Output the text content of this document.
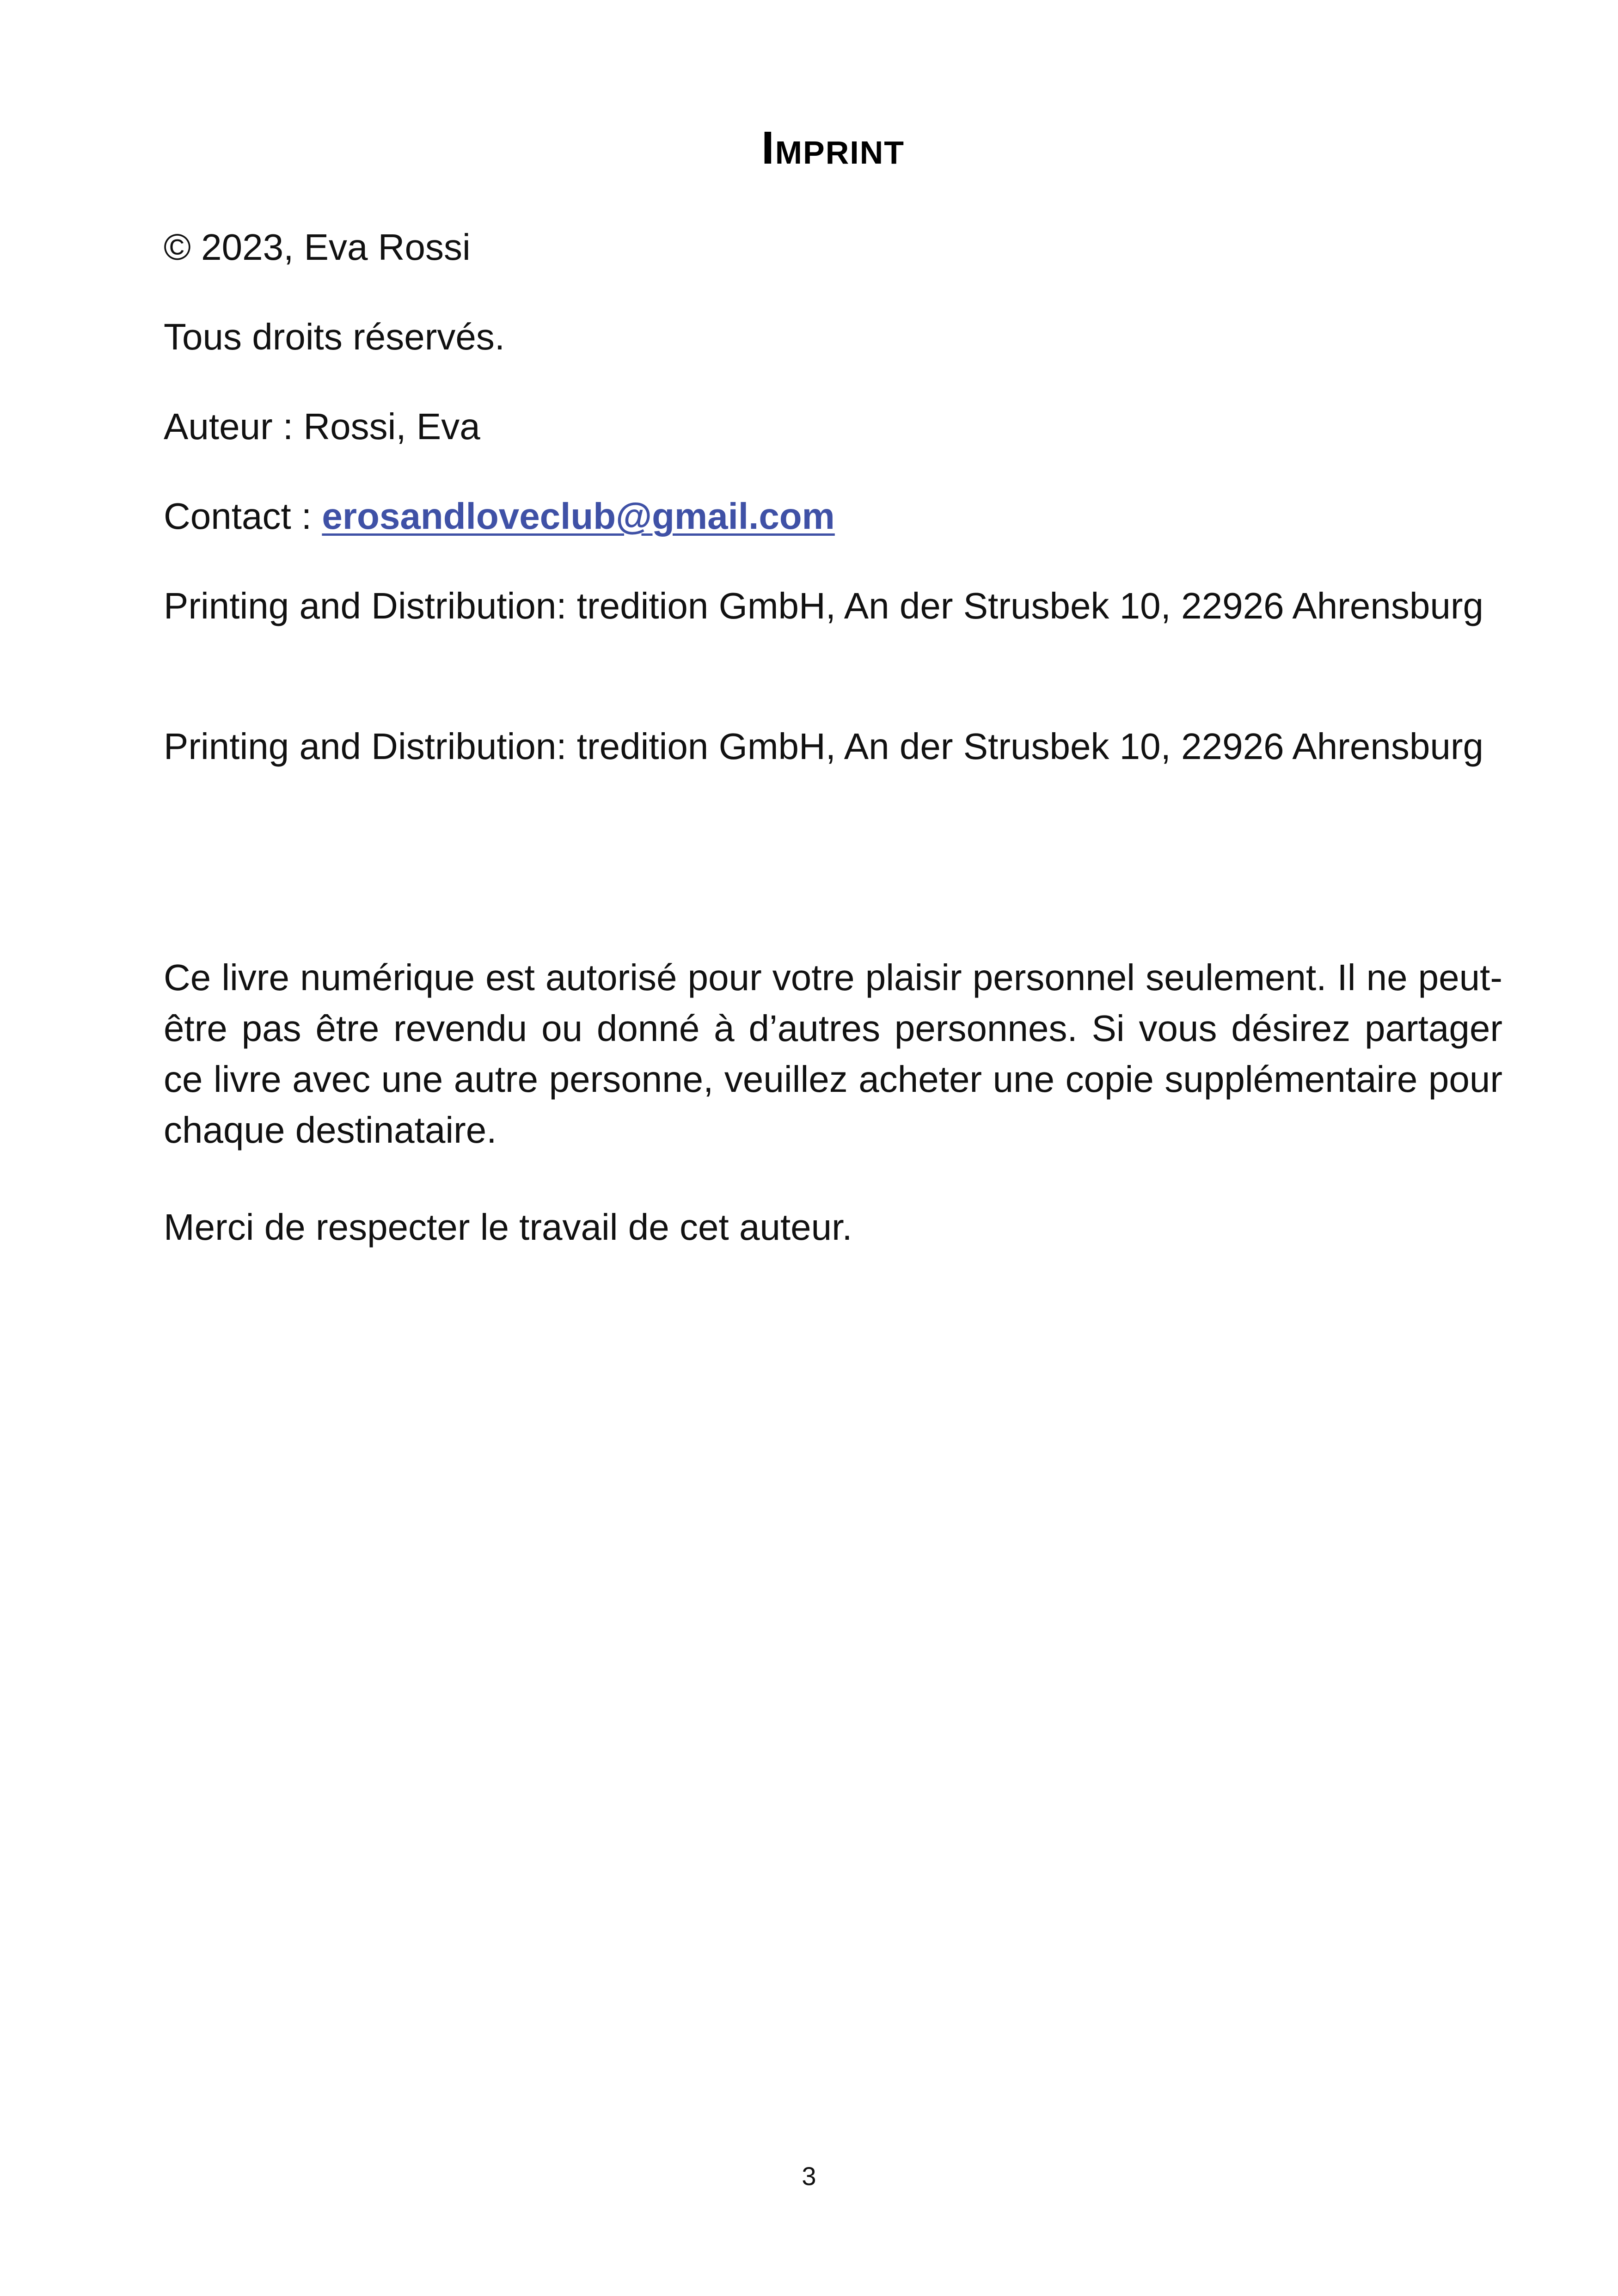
Imprint

© 2023, Eva Rossi

Tous droits réservés.

Auteur : Rossi, Eva

Contact : erosandloveclub@gmail.com

Printing and Distribution: tredition GmbH, An der Strusbek 10, 22926 Ahrensburg

Printing and Distribution: tredition GmbH, An der Strusbek 10, 22926 Ahrensburg

Ce livre numérique est autorisé pour votre plaisir personnel seulement. Il ne peut-être pas être revendu ou donné à d’autres personnes. Si vous désirez partager ce livre avec une autre personne, veuillez acheter une copie supplémentaire pour chaque destinataire.

Merci de respecter le travail de cet auteur.

3
